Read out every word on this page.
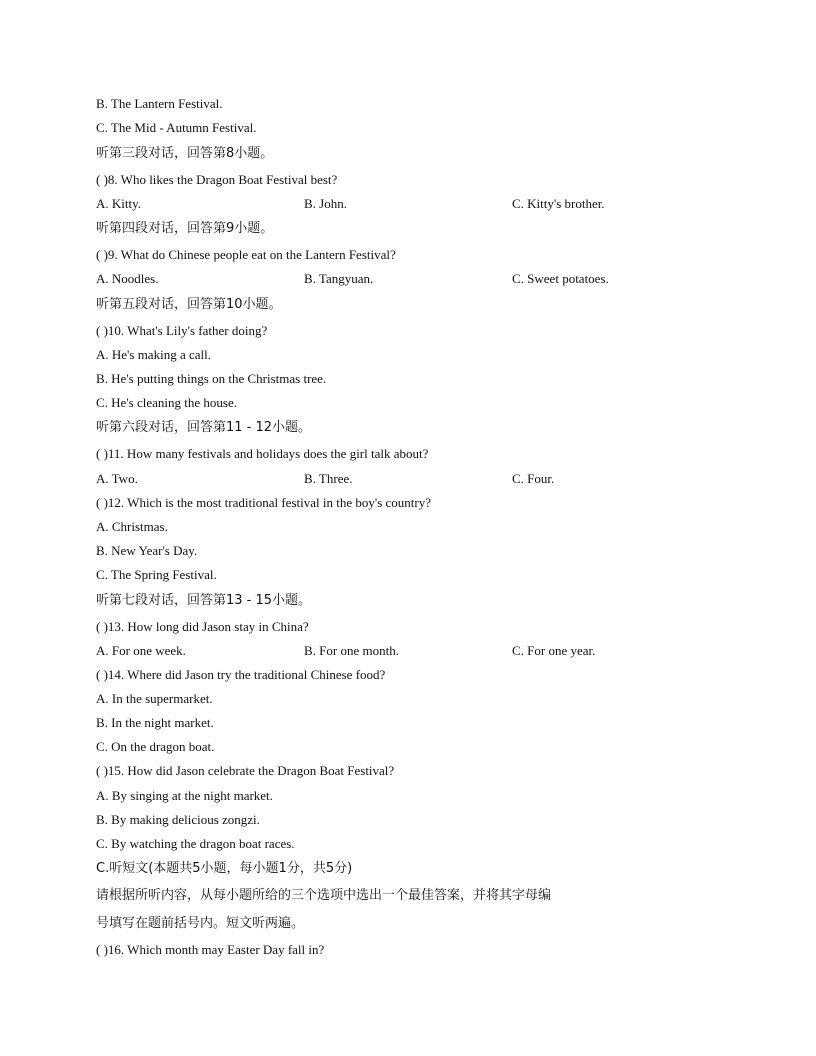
B. The Lantern Festival.
C. The Mid - Autumn Festival.
听第三段对话，回答第8小题。
( )8. Who likes the Dragon Boat Festival best?
A. Kitty.	B. John.	C. Kitty's brother.
听第四段对话，回答第9小题。
( )9. What do Chinese people eat on the Lantern Festival?
A. Noodles.	B. Tangyuan.	C. Sweet potatoes.
听第五段对话，回答第10小题。
( )10. What's Lily's father doing?
A. He's making a call.
B. He's putting things on the Christmas tree.
C. He's cleaning the house.
听第六段对话，回答第11 - 12小题。
( )11. How many festivals and holidays does the girl talk about?
A. Two.	B. Three.	C. Four.
( )12. Which is the most traditional festival in the boy's country?
A. Christmas.
B. New Year's Day.
C. The Spring Festival.
听第七段对话，回答第13 - 15小题。
( )13. How long did Jason stay in China?
A. For one week.	B. For one month.	C. For one year.
( )14. Where did Jason try the traditional Chinese food?
A. In the supermarket.
B. In the night market.
C. On the dragon boat.
( )15. How did Jason celebrate the Dragon Boat Festival?
A. By singing at the night market.
B. By making delicious zongzi.
C. By watching the dragon boat races.
C.听短文(本题共5小题，每小题1分，共5分)
请根据所听内容，从每小题所给的三个选项中选出一个最佳答案，并将其字母编
号填写在题前括号内。短文听两遍。
( )16. Which month may Easter Day fall in?
